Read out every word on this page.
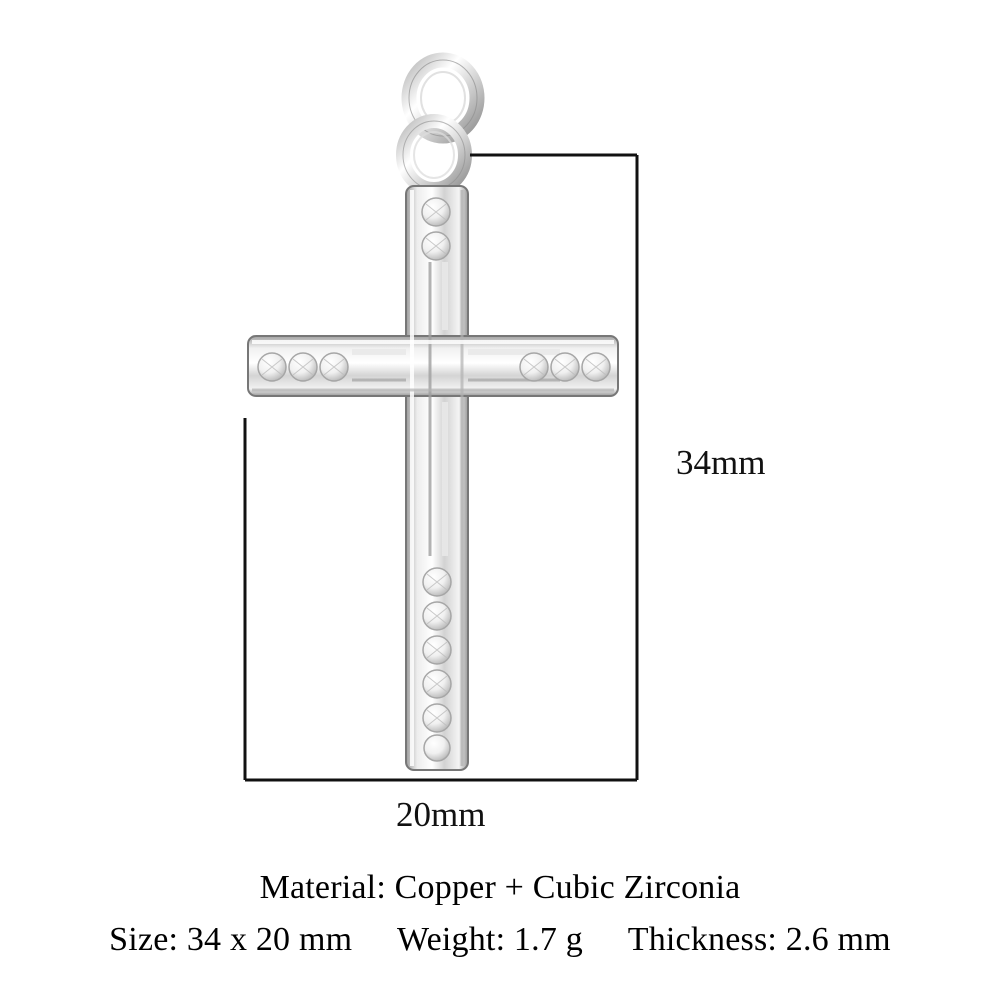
34mm
20mm
Material: Copper + Cubic Zirconia
Size: 34 x 20 mm Weight: 1.7 g Thickness: 2.6 mm
